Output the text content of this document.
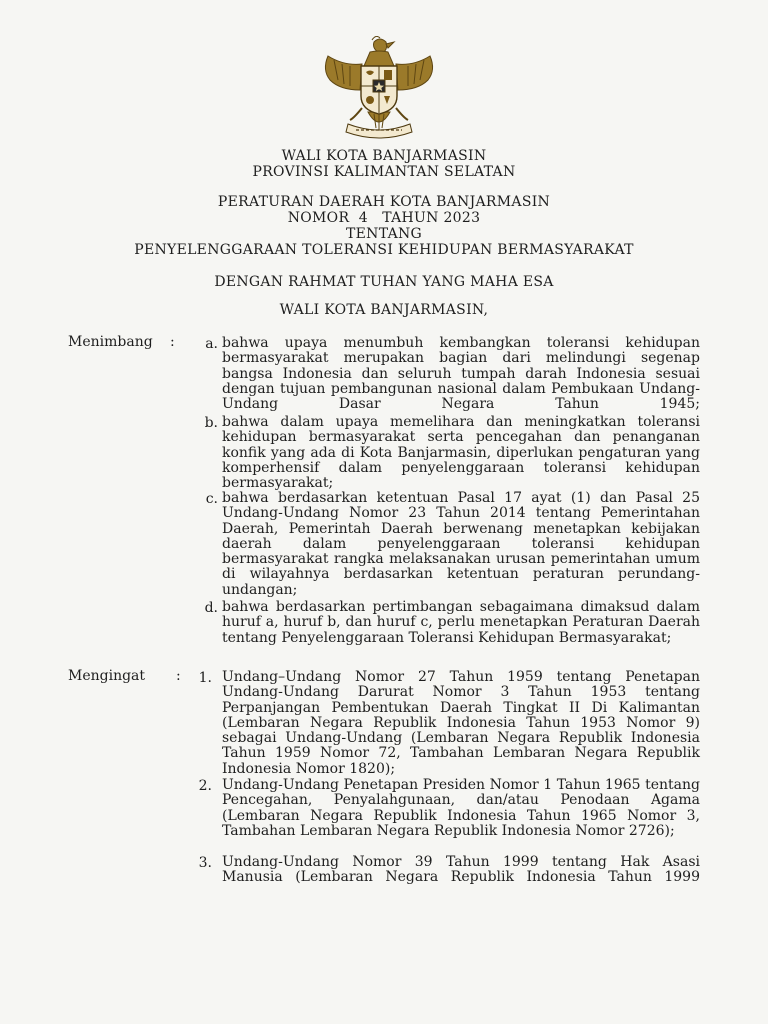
WALI KOTA BANJARMASIN
PROVINSI KALIMANTAN SELATAN
PERATURAN DAERAH KOTA BANJARMASIN
NOMOR  4   TAHUN 2023
TENTANG
PENYELENGGARAAN TOLERANSI KEHIDUPAN BERMASYARAKAT
DENGAN RAHMAT TUHAN YANG MAHA ESA
WALI KOTA BANJARMASIN,
Menimbang :	a. bahwa upaya menumbuh kembangkan toleransi kehidupan bermasyarakat merupakan bagian dari melindungi segenap bangsa Indonesia dan seluruh tumpah darah Indonesia sesuai dengan tujuan pembangunan nasional dalam Pembukaan Undang-Undang Dasar Negara Tahun 1945;
b. bahwa dalam upaya memelihara dan meningkatkan toleransi kehidupan bermasyarakat serta pencegahan dan penanganan konfik yang ada di Kota Banjarmasin, diperlukan pengaturan yang komperhensif dalam penyelenggaraan toleransi kehidupan bermasyarakat;
c. bahwa berdasarkan ketentuan Pasal 17 ayat (1) dan Pasal 25 Undang-Undang Nomor 23 Tahun 2014 tentang Pemerintahan Daerah, Pemerintah Daerah berwenang menetapkan kebijakan daerah dalam penyelenggaraan toleransi kehidupan bermasyarakat rangka melaksanakan urusan pemerintahan umum di wilayahnya berdasarkan ketentuan peraturan perundang-undangan;
d. bahwa berdasarkan pertimbangan sebagaimana dimaksud dalam huruf a, huruf b, dan huruf c, perlu menetapkan Peraturan Daerah tentang Penyelenggaraan Toleransi Kehidupan Bermasyarakat;
Mengingat :	1. Undang–Undang Nomor 27 Tahun 1959 tentang Penetapan Undang-Undang Darurat Nomor 3 Tahun 1953 tentang Perpanjangan Pembentukan Daerah Tingkat II Di Kalimantan (Lembaran Negara Republik Indonesia Tahun 1953 Nomor 9) sebagai Undang-Undang (Lembaran Negara Republik Indonesia Tahun 1959 Nomor 72, Tambahan Lembaran Negara Republik Indonesia Nomor 1820);
2. Undang-Undang Penetapan Presiden Nomor 1 Tahun 1965 tentang Pencegahan, Penyalahgunaan, dan/atau Penodaan Agama (Lembaran Negara Republik Indonesia Tahun 1965 Nomor 3, Tambahan Lembaran Negara Republik Indonesia Nomor 2726);
3. Undang-Undang Nomor 39 Tahun 1999 tentang Hak Asasi Manusia (Lembaran Negara Republik Indonesia Tahun 1999
